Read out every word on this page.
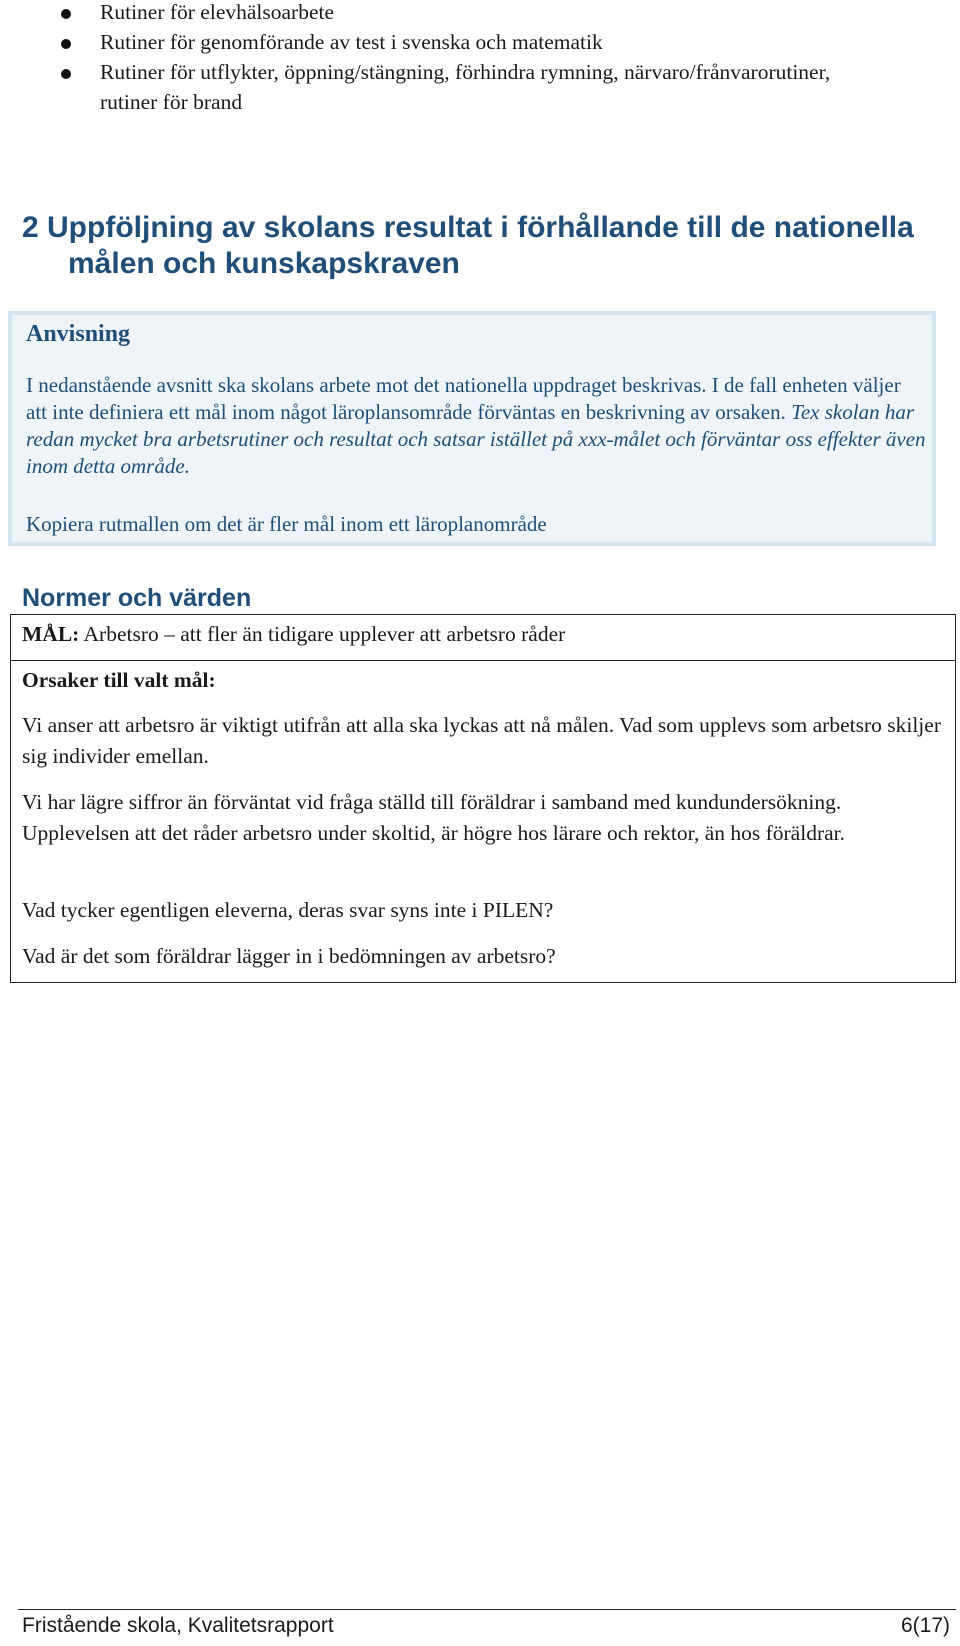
Rutiner för elevhälsoarbete
Rutiner för genomförande av test i svenska och matematik
Rutiner för utflykter, öppning/stängning, förhindra rymning, närvaro/frånvarorutiner,
rutiner för brand
2 Uppföljning av skolans resultat i förhållande till de nationella
målen och kunskapskraven
Anvisning
I nedanstående avsnitt ska skolans arbete mot det nationella uppdraget beskrivas. I de fall enheten väljer att inte definiera ett mål inom något läroplansområde förväntas en beskrivning av orsaken. Tex skolan har redan mycket bra arbetsrutiner och resultat och satsar istället på xxx-målet och förväntar oss effekter även inom detta område.
Kopiera rutmallen om det är fler mål inom ett läroplanområde
Normer och värden
MÅL: Arbetsro – att fler än tidigare upplever att arbetsro råder
Orsaker till valt mål:
Vi anser att arbetsro är viktigt utifrån att alla ska lyckas att nå målen. Vad som upplevs som arbetsro skiljer sig individer emellan.
Vi har lägre siffror än förväntat vid fråga ställd till föräldrar i samband med kundundersökning. Upplevelsen att det råder arbetsro under skoltid, är högre hos lärare och rektor, än hos föräldrar.
Vad tycker egentligen eleverna, deras svar syns inte i PILEN?
Vad är det som föräldrar lägger in i bedömningen av arbetsro?
Fristående skola, Kvalitetsrapport	6(17)
